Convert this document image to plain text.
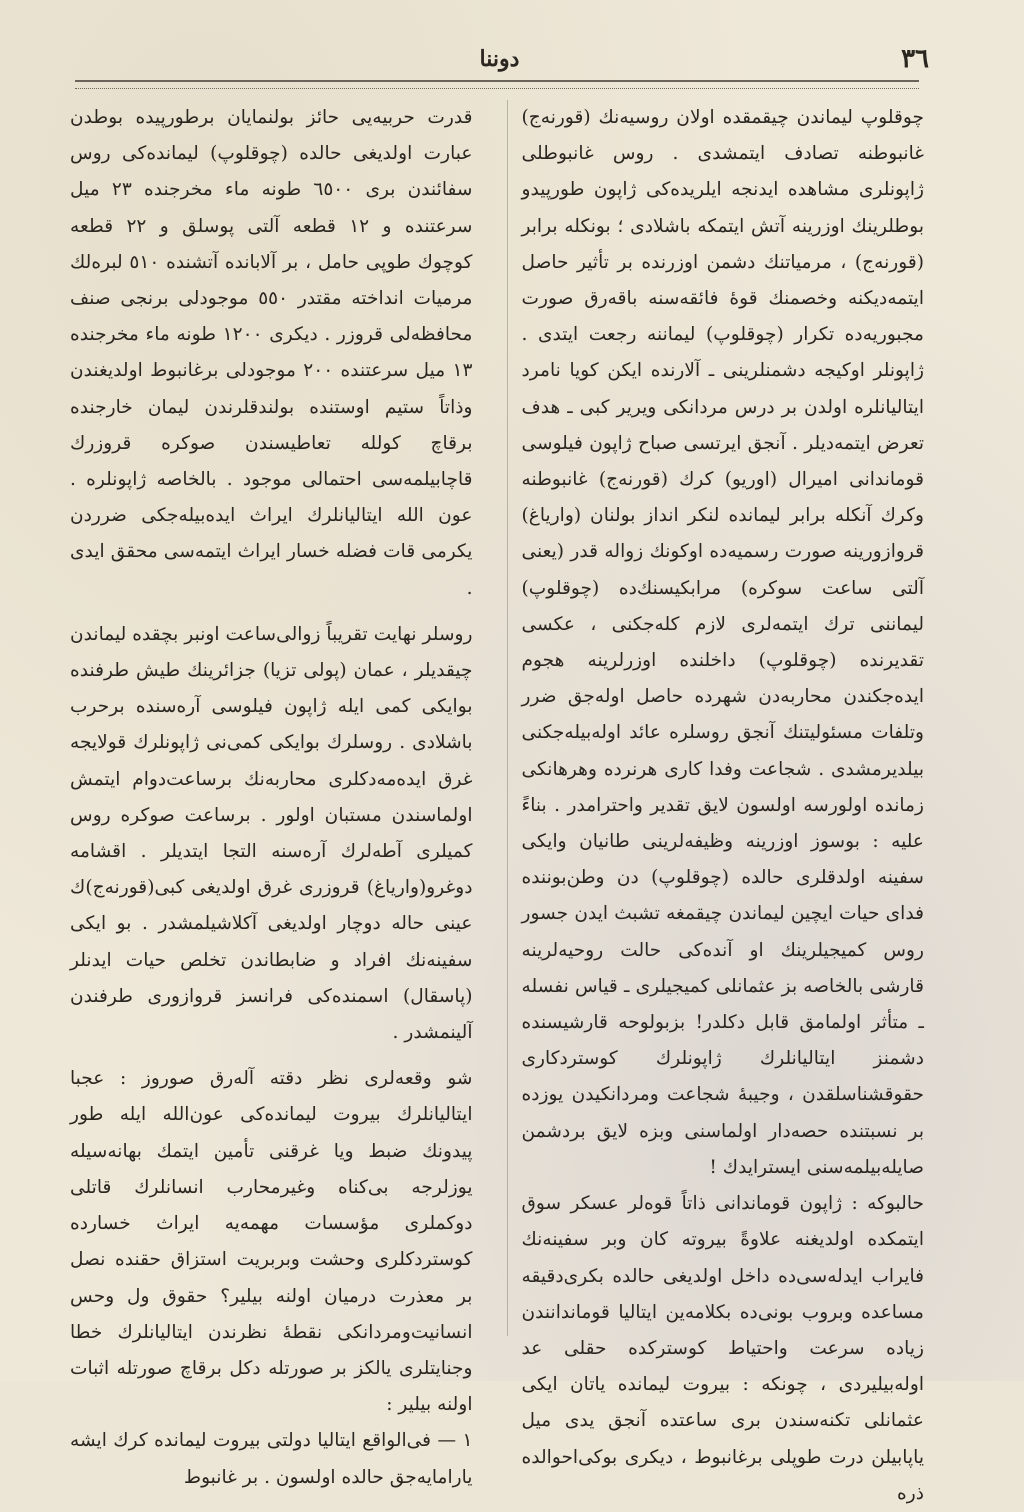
٣٦
دوننا

چوقلوپ لیماندن چیقمقده اولان روسیه‌نك (قورنه‌ج) غانبوطنه تصادف ایتمشدی . روس غانبوطلی ژاپونلری مشاهده ایدنجه ایلریده‌كی ژاپون طورپیدو بوطلرینك اوزرینه آتش ایتمكه باشلادی ؛ بونكله برابر (قورنه‌ج) ، مرمیاتنك دشمن اوزرنده بر تأثیر حاصل ایتمه‌دیكنه وخصمنك قوهٔ فائقه‌سنه باقه‌رق صورت مجبوریه‌ده تكرار (چوقلوپ) لیماننه رجعت ایتدی . ژاپونلر اوكیجه دشمنلرینی ـ آلارنده ایكن كویا نامرد ایتالیانلره اولدن بر درس مردانكی ویریر كبی ـ هدف تعرض ایتمه‌دیلر . آنجق ایرتسی صباح ژاپون فیلوسی قوماندانی امیرال (اوریو) كرك (قورنه‌ج) غانبوطنه وكرك آنكله برابر لیمانده لنكر انداز بولنان (واریاغ) قروازورینه صورت رسمیه‌ده اوكونك زواله قدر (یعنی آلتی ساعت سوكره) مرابكیسنك‌ده (چوقلوپ) لیماننی ترك ایتمه‌لری لازم كله‌جكنی ، عكسی تقدیرنده (چوقلوپ) داخلنده اوزرلرینه هجوم ایده‌جكندن محاربه‌دن شهرده حاصل اوله‌جق ضرر وتلفات مسئولیتنك آنجق روسلره عائد اوله‌بیله‌جكنی بیلدیرمشدی . شجاعت وفدا كاری هرنرده وهرهانكی زمانده اولورسه اولسون لایق تقدیر واحترامدر . بناءً علیه : بوسوز اوزرینه وظیفه‌لرینی طانیان وایكی سفینه اولدقلری حالده (چوقلوپ) دن وطن‌بوننده فدای حیات ایچین لیماندن چیقمغه تشبث ایدن جسور روس كمیجیلرینك او آنده‌كی حالت روحیه‌لرینه قارشی بالخاصه بز عثمانلی كمیجیلری ـ قیاس نفسله ـ متأثر اولمامق قابل دكلدر! بزبولوحه قارشیسنده دشمنز ایتالیانلرك ژاپونلرك كوستردكاری حقوقشناسلقدن ، وجیبهٔ شجاعت ومردانكیدن یوزده بر نسبتنده حصه‌دار اولماسنی وبزه لایق بردشمن صایله‌بیلمه‌سنی ایسترایدك !

حالبوكه : ژاپون قوماندانی ذاتاً قوه‌لر عسكر سوق ایتمكده اولدیغنه علاوةً بیروته كان وبر سفینه‌نك فایراب ایدله‌سی‌ده داخل اولدیغی حالده بكری‌دقیقه مساعده وبروب بونی‌ده بكلامه‌ین ایتالیا قوماندانندن زیاده سرعت واحتیاط كوستركده حقلی عد اوله‌بیلیردی ، چونكه : بیروت لیمانده یاتان ایكی عثمانلی تكنه‌سندن بری ساعتده آنجق یدی میل یاپابیلن درت طوپلی برغانبوط ، دیكری بوكی‌احوالده ذره

قدرت حربیه‌یی حائز بولنمایان برطورپیده بوطدن عبارت اولدیغی حالده (چوقلوپ) لیمانده‌كی روس سفائندن بری ٦٥٠٠ طونه ماء مخرجنده ٢٣ میل سرعتنده و ١٢ قطعه آلتی پوسلق و ٢٢ قطعه كوچوك طوپی حامل ، بر آلابانده آتشنده ٥١٠ لبره‌لك مرمیات انداخته مقتدر ٥٥٠ موجودلی برنجی صنف محافظه‌لی قروزر . دیكری ١٢٠٠ طونه ماء مخرجنده ١٣ میل سرعتنده ٢٠٠ موجودلی برغانبوط اولدیغندن وذاتاً ستیم اوستنده بولندقلرندن لیمان خارجنده برقاچ كولله تعاطیسندن صوكره قروزرك قاچابیلمه‌سی احتمالی موجود . بالخاصه ژاپونلره . عون الله ایتالیانلرك ایراث ایده‌بیله‌جكی ضرردن یكرمی قات فضله‌ خسار ایراث ایتمه‌سی محقق ایدی .

روسلر نهایت تقریباً زوالی‌ساعت اونبر بچقده لیماندن چیقدیلر ، عمان (پولی تزیا) جزائرینك طیش طرفنده بوایكی كمی ایله ژاپون فیلوسی آره‌سنده برحرب باشلادی . روسلرك بوایكی كمی‌نی ژاپونلرك قولایجه غرق ایده‌مه‌دكلری محاربه‌نك برساعت‌دوام ایتمش اولماسندن مستبان اولور . برساعت صوكره روس كمیلری آطه‌لرك آره‌سنه التجا ایتدیلر . اقشامه دوغرو(واریاغ) قروزری غرق اولدیغی كبی(قورنه‌ج)ك عینی حاله دوچار اولدیغی آكلاشیلمشدر . بو ایكی سفینه‌نك افراد و ضابطاندن تخلص حیات ایدنلر (پاسقال) اسمنده‌كی فرانسز قروازوری طرفندن آلینمشدر .

شو وقعه‌لری نظر دقته آله‌رق صوروز : عجبا ایتالیانلرك بیروت لیمانده‌كی عون‌الله ایله طور پیدونك ضبط ویا غرقنی تأمین ایتمك بهانه‌سیله یوزلرجه بی‌كناه وغیرمحارب انسانلرك قاتلی دوكملری مؤسسات مهمه‌یه ایراث خسارده كوستردكلری وحشت وبربریت استزاق حقنده نصل بر معذرت درمیان اولنه بیلیر؟ حقوق ول وحس انسانیت‌ومردانكی نقطهٔ نظرندن ایتالیانلرك خطا وجنایتلری یالكز بر صورتله دكل برقاچ صورتله اثبات اولنه بیلیر :

١ — فی‌الواقع ایتالیا دولتی بیروت لیمانده كرك ایشه یارامایه‌جق حالده اولسون . بر غانبوط
